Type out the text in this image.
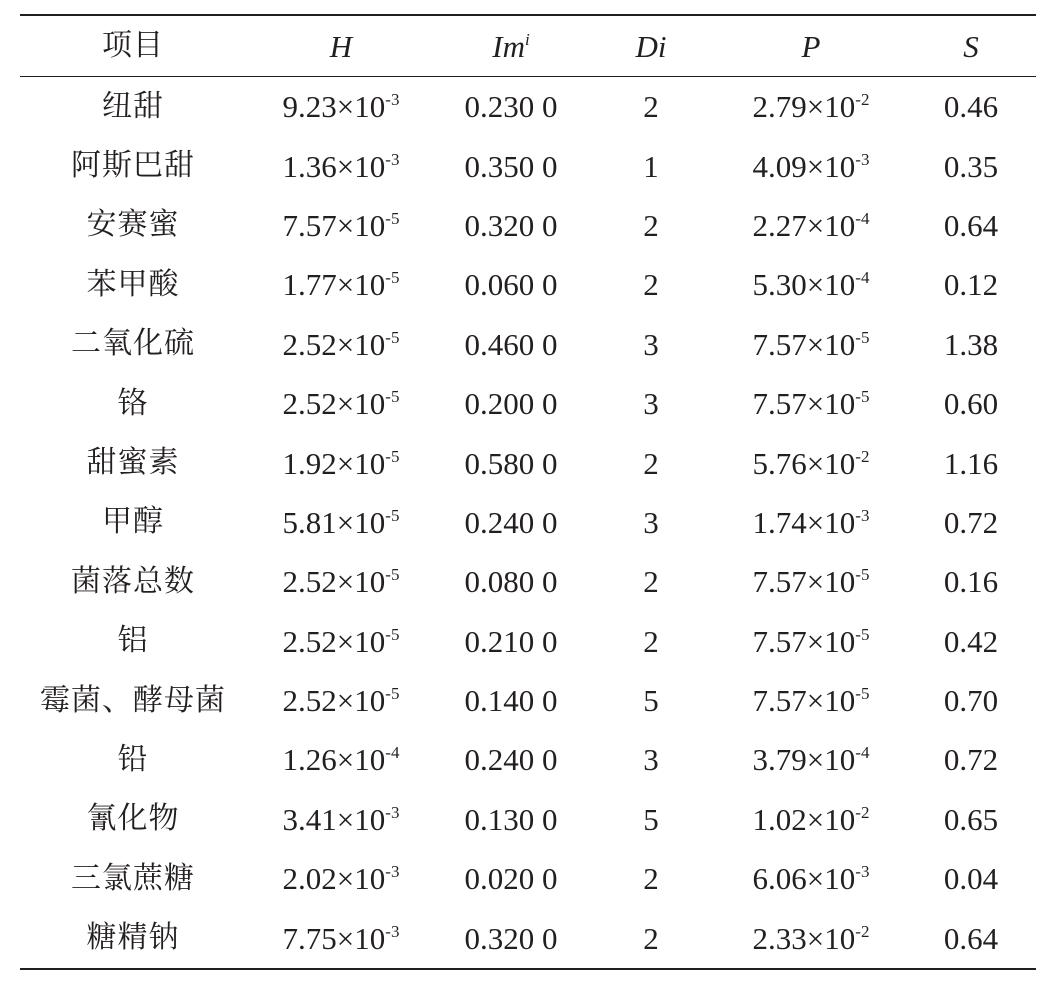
项目	H	Im$^i$	Di	P	S
纽甜	$9.23\times 10^{-3}$	0.230 0	2	$2.79\times 10^{-2}$	0.46
阿斯巴甜	$1.36\times 10^{-3}$	0.350 0	1	$4.09\times 10^{-3}$	0.35
安赛蜜	$7.57\times 10^{-5}$	0.320 0	2	$2.27\times 10^{-4}$	0.64
苯甲酸	$1.77\times 10^{-5}$	0.060 0	2	$5.30\times 10^{-4}$	0.12
二氧化硫	$2.52\times 10^{-5}$	0.460 0	3	$7.57\times 10^{-5}$	1.38
铬	$2.52\times 10^{-5}$	0.200 0	3	$7.57\times 10^{-5}$	0.60
甜蜜素	$1.92\times 10^{-5}$	0.580 0	2	$5.76\times 10^{-2}$	1.16
甲醇	$5.81\times 10^{-5}$	0.240 0	3	$1.74\times 10^{-3}$	0.72
菌落总数	$2.52\times 10^{-5}$	0.080 0	2	$7.57\times 10^{-5}$	0.16
铝	$2.52\times 10^{-5}$	0.210 0	2	$7.57\times 10^{-5}$	0.42
霉菌、酵母菌	$2.52\times 10^{-5}$	0.140 0	5	$7.57\times 10^{-5}$	0.70
铅	$1.26\times 10^{-4}$	0.240 0	3	$3.79\times 10^{-4}$	0.72
氰化物	$3.41\times 10^{-3}$	0.130 0	5	$1.02\times 10^{-2}$	0.65
三氯蔗糖	$2.02\times 10^{-3}$	0.020 0	2	$6.06\times 10^{-3}$	0.04
糖精钠	$7.75\times 10^{-3}$	0.320 0	2	$2.33\times 10^{-2}$	0.64
